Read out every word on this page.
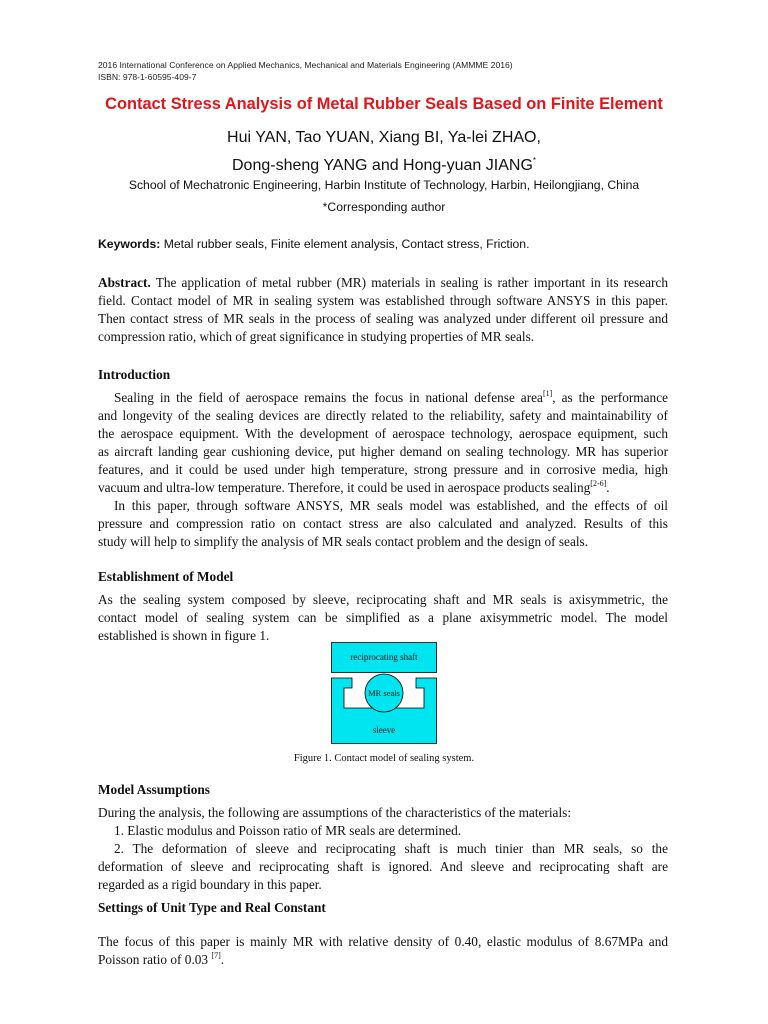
2016 International Conference on Applied Mechanics, Mechanical and Materials Engineering (AMMME 2016)
ISBN: 978-1-60595-409-7
Contact Stress Analysis of Metal Rubber Seals Based on Finite Element
Hui YAN, Tao YUAN, Xiang BI, Ya-lei ZHAO,
Dong-sheng YANG and Hong-yuan JIANG*
School of Mechatronic Engineering, Harbin Institute of Technology, Harbin, Heilongjiang, China
*Corresponding author
Keywords: Metal rubber seals, Finite element analysis, Contact stress, Friction.
Abstract. The application of metal rubber (MR) materials in sealing is rather important in its research
field. Contact model of MR in sealing system was established through software ANSYS in this paper.
Then contact stress of MR seals in the process of sealing was analyzed under different oil pressure and
compression ratio, which of great significance in studying properties of MR seals.
Introduction
Sealing in the field of aerospace remains the focus in national defense area[1], as the performance
and longevity of the sealing devices are directly related to the reliability, safety and maintainability of
the aerospace equipment. With the development of aerospace technology, aerospace equipment, such
as aircraft landing gear cushioning device, put higher demand on sealing technology. MR has superior
features, and it could be used under high temperature, strong pressure and in corrosive media, high
vacuum and ultra-low temperature. Therefore, it could be used in aerospace products sealing[2-6].
In this paper, through software ANSYS, MR seals model was established, and the effects of oil
pressure and compression ratio on contact stress are also calculated and analyzed. Results of this
study will help to simplify the analysis of MR seals contact problem and the design of seals.
Establishment of Model
As the sealing system composed by sleeve, reciprocating shaft and MR seals is axisymmetric, the
contact model of sealing system can be simplified as a plane axisymmetric model. The model
established is shown in figure 1.
reciprocating shaft
MR seals
sleeve
Figure 1. Contact model of sealing system.
Model Assumptions
During the analysis, the following are assumptions of the characteristics of the materials:
1. Elastic modulus and Poisson ratio of MR seals are determined.
2. The deformation of sleeve and reciprocating shaft is much tinier than MR seals, so the
deformation of sleeve and reciprocating shaft is ignored. And sleeve and reciprocating shaft are
regarded as a rigid boundary in this paper.
Settings of Unit Type and Real Constant
The focus of this paper is mainly MR with relative density of 0.40, elastic modulus of 8.67MPa and
Poisson ratio of 0.03 [7].
